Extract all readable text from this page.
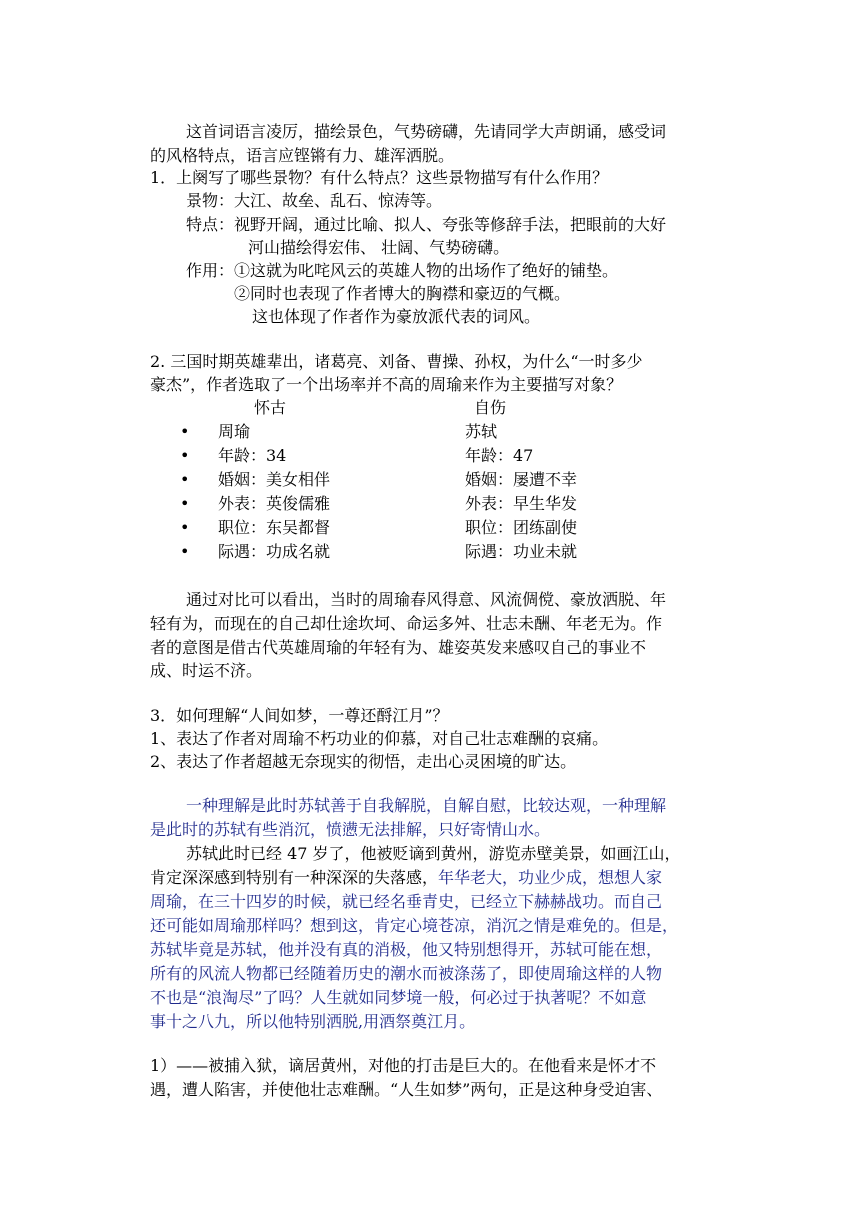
这首词语言凌厉，描绘景色，气势磅礴，先请同学大声朗诵，感受词
的风格特点，语言应铿锵有力、雄浑洒脱。
1．上阕写了哪些景物？有什么特点？这些景物描写有什么作用？
景物：大江、故垒、乱石、惊涛等。
特点：视野开阔，通过比喻、拟人、夸张等修辞手法，把眼前的大好
河山描绘得宏伟、 壮阔、气势磅礴。
作用：①这就为叱咤风云的英雄人物的出场作了绝好的铺垫。
②同时也表现了作者博大的胸襟和豪迈的气概。
这也体现了作者作为豪放派代表的词风。
2. 三国时期英雄辈出，诸葛亮、刘备、曹操、孙权，为什么“一时多少
豪杰”，作者选取了一个出场率并不高的周瑜来作为主要描写对象？
怀古	自伤
• 周瑜	苏轼
• 年龄：34	年龄：47
• 婚姻：美女相伴	婚姻：屡遭不幸
• 外表：英俊儒雅	外表：早生华发
• 职位：东吴都督	职位：团练副使
• 际遇：功成名就	际遇：功业未就
通过对比可以看出，当时的周瑜春风得意、风流倜傥、豪放洒脱、年
轻有为，而现在的自己却仕途坎坷、命运多舛、壮志未酬、年老无为。作
者的意图是借古代英雄周瑜的年轻有为、雄姿英发来感叹自己的事业不
成、时运不济。
3．如何理解“人间如梦，一尊还酹江月”？
1、表达了作者对周瑜不朽功业的仰慕，对自己壮志难酬的哀痛。
2、表达了作者超越无奈现实的彻悟，走出心灵困境的旷达。
一种理解是此时苏轼善于自我解脱，自解自慰，比较达观，一种理解
是此时的苏轼有些消沉，愤懑无法排解，只好寄情山水。
苏轼此时已经 47 岁了，他被贬谪到黄州，游览赤壁美景，如画江山，
肯定深深感到特别有一种深深的失落感，年华老大，功业少成，想想人家
周瑜，在三十四岁的时候，就已经名垂青史，已经立下赫赫战功。而自己
还可能如周瑜那样吗？想到这，肯定心境苍凉，消沉之情是难免的。但是，
苏轼毕竟是苏轼，他并没有真的消极，他又特别想得开，苏轼可能在想，
所有的风流人物都已经随着历史的潮水而被涤荡了，即使周瑜这样的人物
不也是“浪淘尽”了吗？人生就如同梦境一般，何必过于执著呢？不如意
事十之八九，所以他特别洒脱,用酒祭奠江月。
1）——被捕入狱，谪居黄州，对他的打击是巨大的。在他看来是怀才不
遇，遭人陷害，并使他壮志难酬。“人生如梦”两句，正是这种身受迫害、
